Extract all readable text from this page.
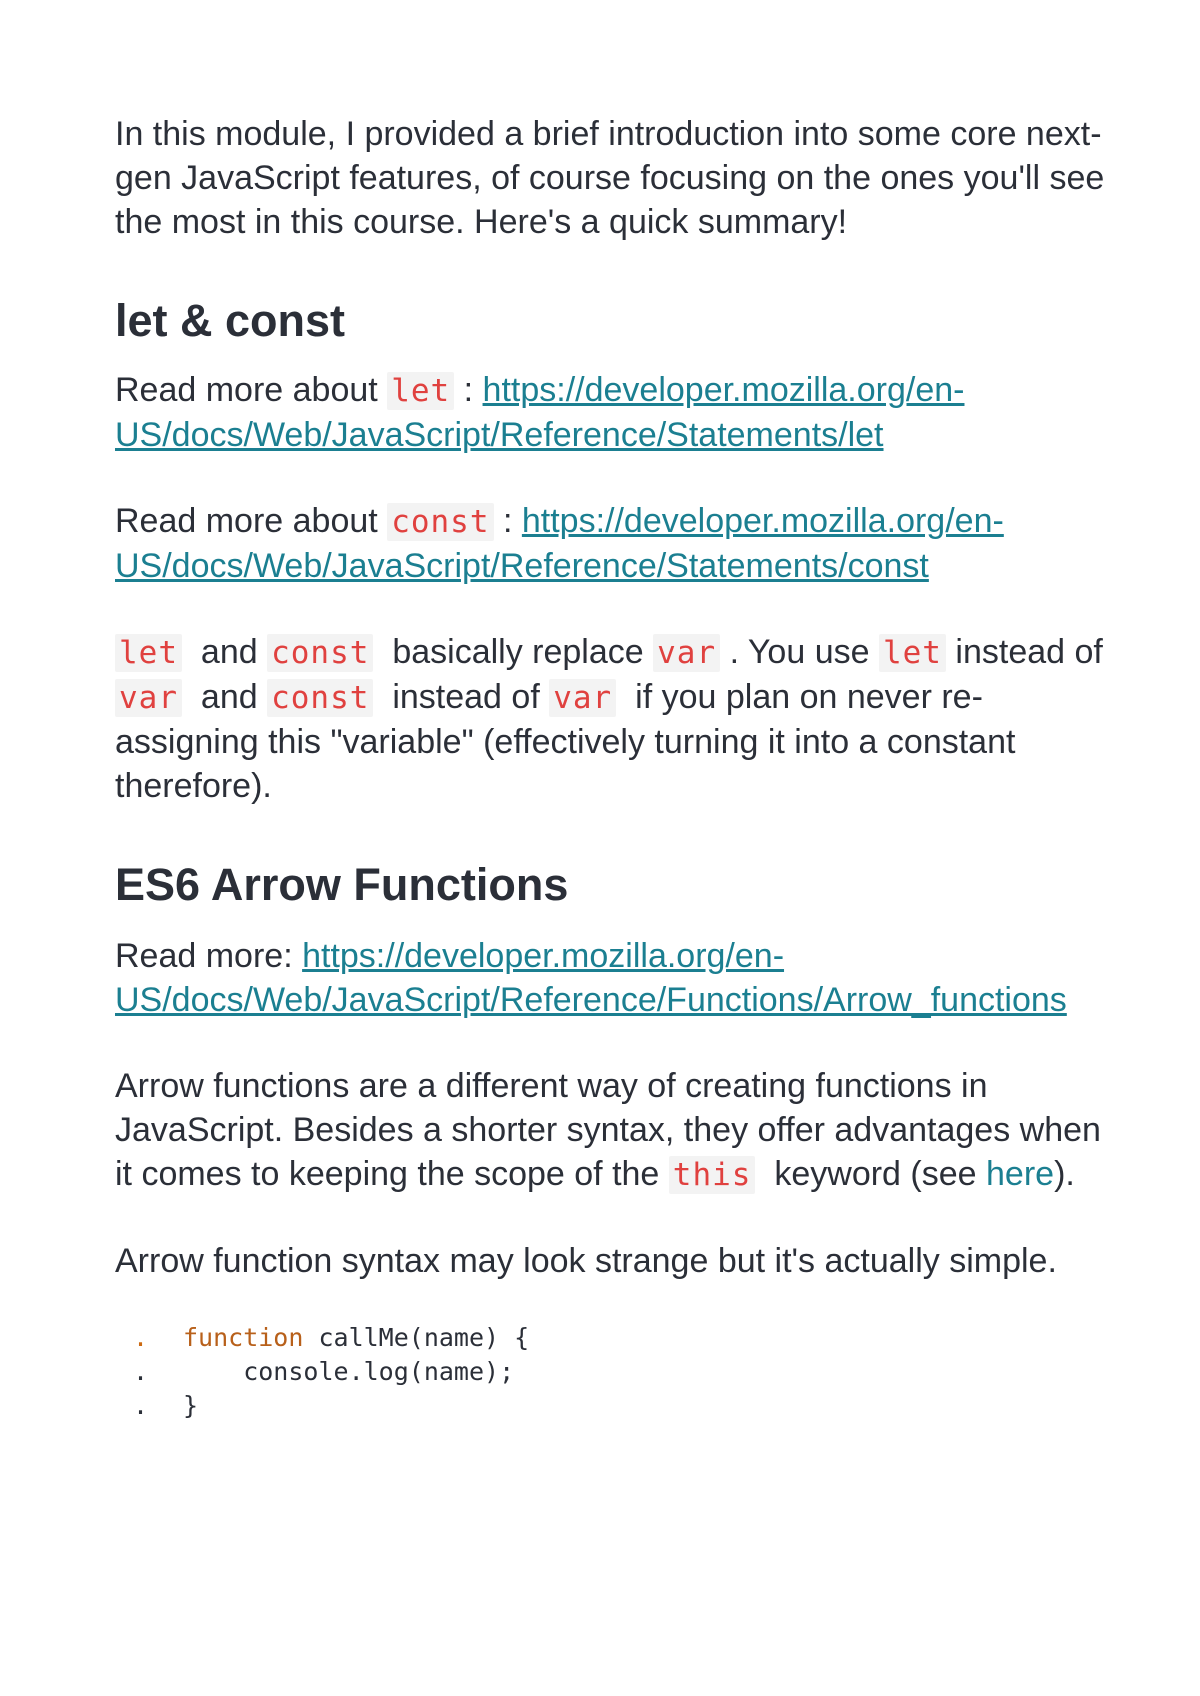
In this module, I provided a brief introduction into some core next-gen JavaScript features, of course focusing on the ones you'll see the most in this course. Here's a quick summary!

let & const

Read more about let : https://developer.mozilla.org/en-US/docs/Web/JavaScript/Reference/Statements/let

Read more about const : https://developer.mozilla.org/en-US/docs/Web/JavaScript/Reference/Statements/const

let and const basically replace var . You use let instead of var and const instead of var if you plan on never re-assigning this "variable" (effectively turning it into a constant therefore).

ES6 Arrow Functions

Read more: https://developer.mozilla.org/en-US/docs/Web/JavaScript/Reference/Functions/Arrow_functions

Arrow functions are a different way of creating functions in JavaScript. Besides a shorter syntax, they offer advantages when it comes to keeping the scope of the this keyword (see here).

Arrow function syntax may look strange but it's actually simple.

.	function callMe(name) {
.	console.log(name);
.	}
